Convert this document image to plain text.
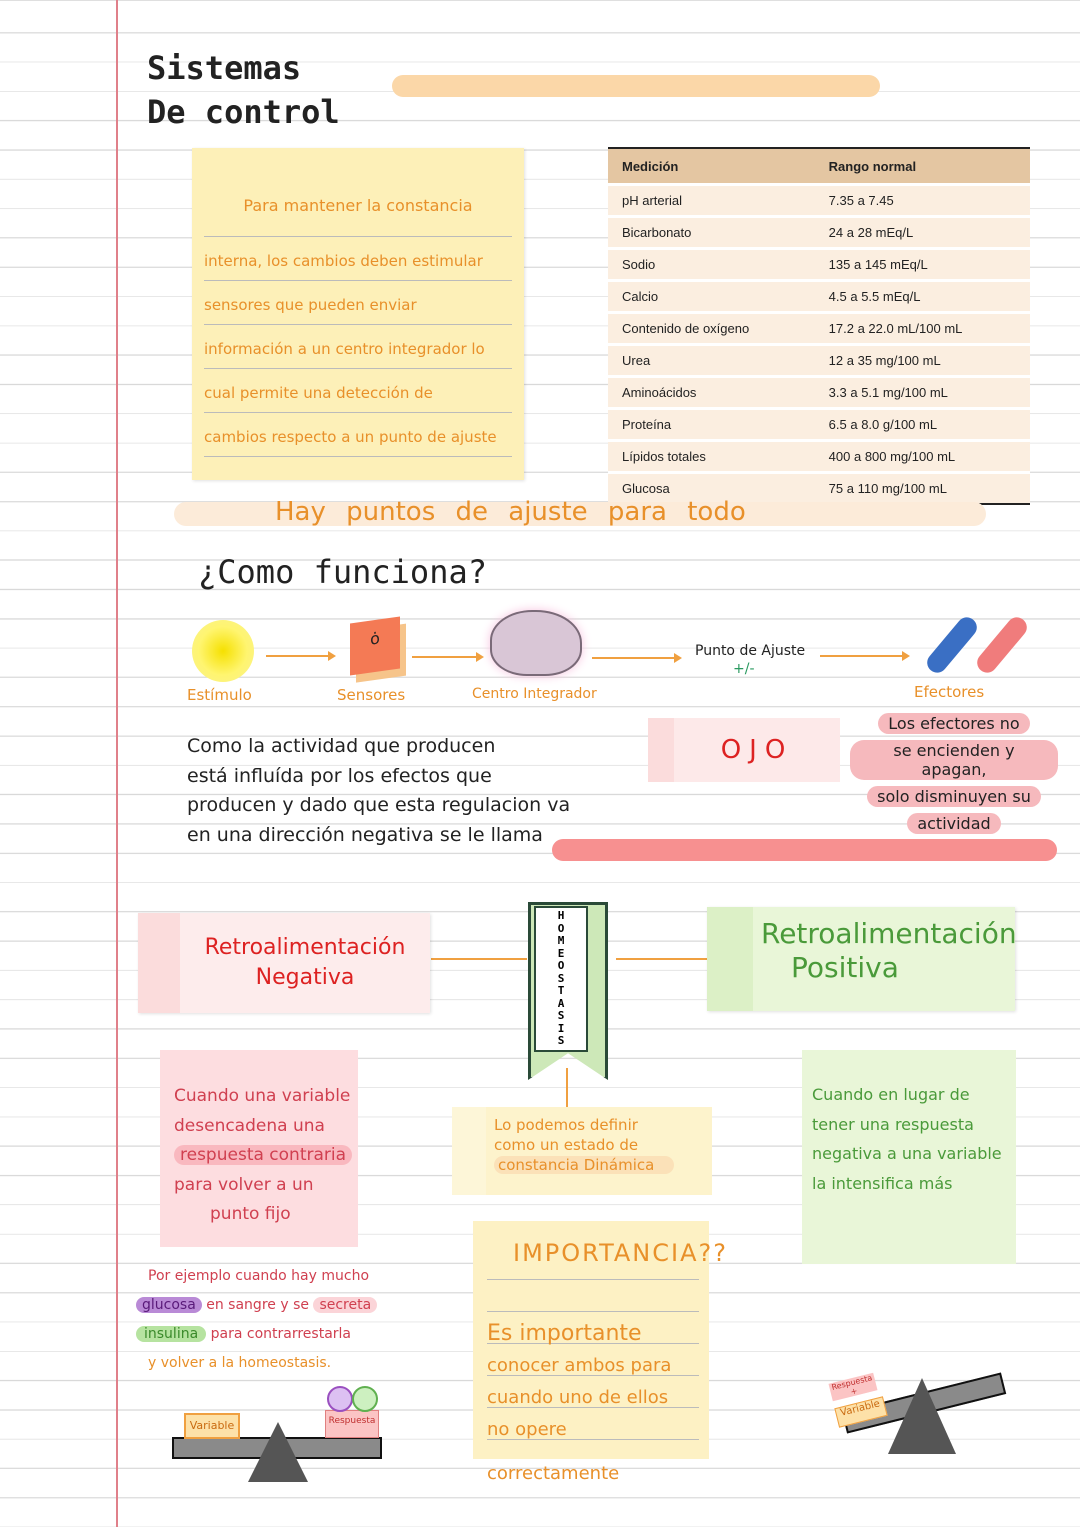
Sistemas
De control
Para mantener la constancia
interna, los cambios deben estimular
sensores que pueden enviar
información a un centro integrador lo
cual permite una detección de
cambios respecto a un punto de ajuste
Medición	Rango normal
pH arterial	7.35 a 7.45
Bicarbonato	24 a 28 mEq/L
Sodio	135 a 145 mEq/L
Calcio	4.5 a 5.5 mEq/L
Contenido de oxígeno	17.2 a 22.0 mL/100 mL
Urea	12 a 35 mg/100 mL
Aminoácidos	3.3 a 5.1 mg/100 mL
Proteína	6.5 a 8.0 g/100 mL
Lípidos totales	400 a 800 mg/100 mL
Glucosa	75 a 110 mg/100 mL
Hay puntos de ajuste para todo
¿Como funciona?
Estímulo
ȯ
Sensores	Centro Integrador
Punto de Ajuste
+/-
Efectores
Como la actividad que producen
está influída por los efectos que
producen y dado que esta regulacion va
en una dirección negativa se le llama
OJO
Los efectores no
se encienden y apagan,
solo disminuyen su
actividad
HOMEOSTASIS
Retroalimentación
Negativa
Retroalimentación
Positiva
Cuando una variable
desencadena una
respuesta contraria
para volver a un
punto fijo
Lo podemos definir
como un estado de
constancia Dinámica
Cuando en lugar de
tener una respuesta
negativa a una variable
la intensifica más
Por ejemplo cuando hay mucho
glucosa en sangre y se secreta
insulina para contrarrestarla
y volver a la homeostasis.
IMPORTANCIA??
Es importante
conocer ambos para
cuando uno de ellos
no opere correctamente
Variable	Respuesta
Respuesta +
Variable
